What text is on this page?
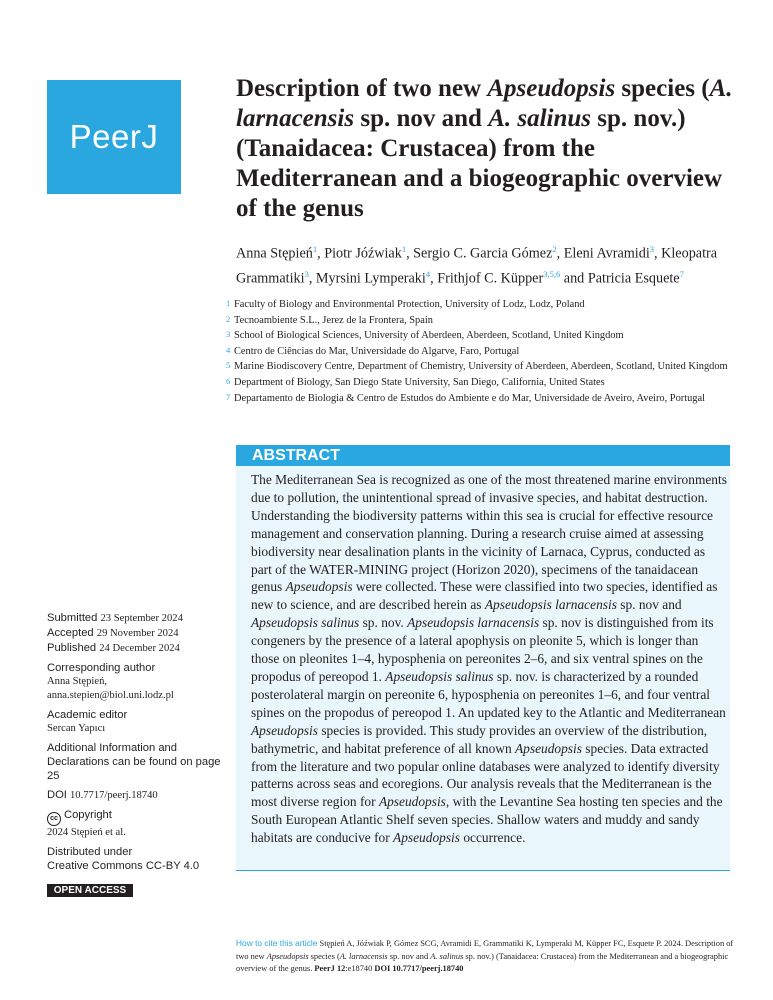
PeerJ
Description of two new Apseudopsis species (A. larnacensis sp. nov and A. salinus sp. nov.) (Tanaidacea: Crustacea) from the Mediterranean and a biogeographic overview of the genus
Anna Stępień$^1$, Piotr Jóźwiak$^1$, Sergio C. Garcia Gómez$^2$, Eleni Avramidi$^3$, Kleopatra Grammatiki$^3$, Myrsini Lymperaki$^4$, Frithjof C. Küpper$^{3,5,6}$ and Patricia Esquete$^7$
1 Faculty of Biology and Environmental Protection, University of Lodz, Lodz, Poland
2 Tecnoambiente S.L., Jerez de la Frontera, Spain
3 School of Biological Sciences, University of Aberdeen, Aberdeen, Scotland, United Kingdom
4 Centro de Ciências do Mar, Universidade do Algarve, Faro, Portugal
5 Marine Biodiscovery Centre, Department of Chemistry, University of Aberdeen, Aberdeen, Scotland, United Kingdom
6 Department of Biology, San Diego State University, San Diego, California, United States
7 Departamento de Biologia & Centro de Estudos do Ambiente e do Mar, Universidade de Aveiro, Aveiro, Portugal
ABSTRACT

The Mediterranean Sea is recognized as one of the most threatened marine environments due to pollution, the unintentional spread of invasive species, and habitat destruction. Understanding the biodiversity patterns within this sea is crucial for effective resource management and conservation planning. During a research cruise aimed at assessing biodiversity near desalination plants in the vicinity of Larnaca, Cyprus, conducted as part of the WATER-MINING project (Horizon 2020), specimens of the tanaidacean genus Apseudopsis were collected. These were classified into two species, identified as new to science, and are described herein as Apseudopsis larnacensis sp. nov and Apseudopsis salinus sp. nov. Apseudopsis larnacensis sp. nov is distinguished from its congeners by the presence of a lateral apophysis on pleonite 5, which is longer than those on pleonites 1–4, hyposphenia on pereonites 2–6, and six ventral spines on the propodus of pereopod 1. Apseudopsis salinus sp. nov. is characterized by a rounded posterolateral margin on pereonite 6, hyposphenia on pereonites 1–6, and four ventral spines on the propodus of pereopod 1. An updated key to the Atlantic and Mediterranean Apseudopsis species is provided. This study provides an overview of the distribution, bathymetric, and habitat preference of all known Apseudopsis species. Data extracted from the literature and two popular online databases were analyzed to identify diversity patterns across seas and ecoregions. Our analysis reveals that the Mediterranean is the most diverse region for Apseudopsis, with the Levantine Sea hosting ten species and the South European Atlantic Shelf seven species. Shallow waters and muddy and sandy habitats are conducive for Apseudopsis occurrence.

Submitted 23 September 2024
Accepted 29 November 2024
Published 24 December 2024
Corresponding author
Anna Stępień,
anna.stepien@biol.uni.lodz.pl
Academic editor
Sercan Yapıcı
Additional Information and Declarations can be found on page 25
DOI 10.7717/peerj.18740
cc Copyright
2024 Stępień et al.
Distributed under
Creative Commons CC-BY 4.0
OPEN ACCESS
How to cite this article Stępień A, Jóźwiak P, Gómez SCG, Avramidi E, Grammatiki K, Lymperaki M, Küpper FC, Esquete P. 2024. Description of two new Apseudopsis species (A. larnacensis sp. nov and A. salinus sp. nov.) (Tanaidacea: Crustacea) from the Mediterranean and a biogeographic overview of the genus. PeerJ 12:e18740 DOI 10.7717/peerj.18740
